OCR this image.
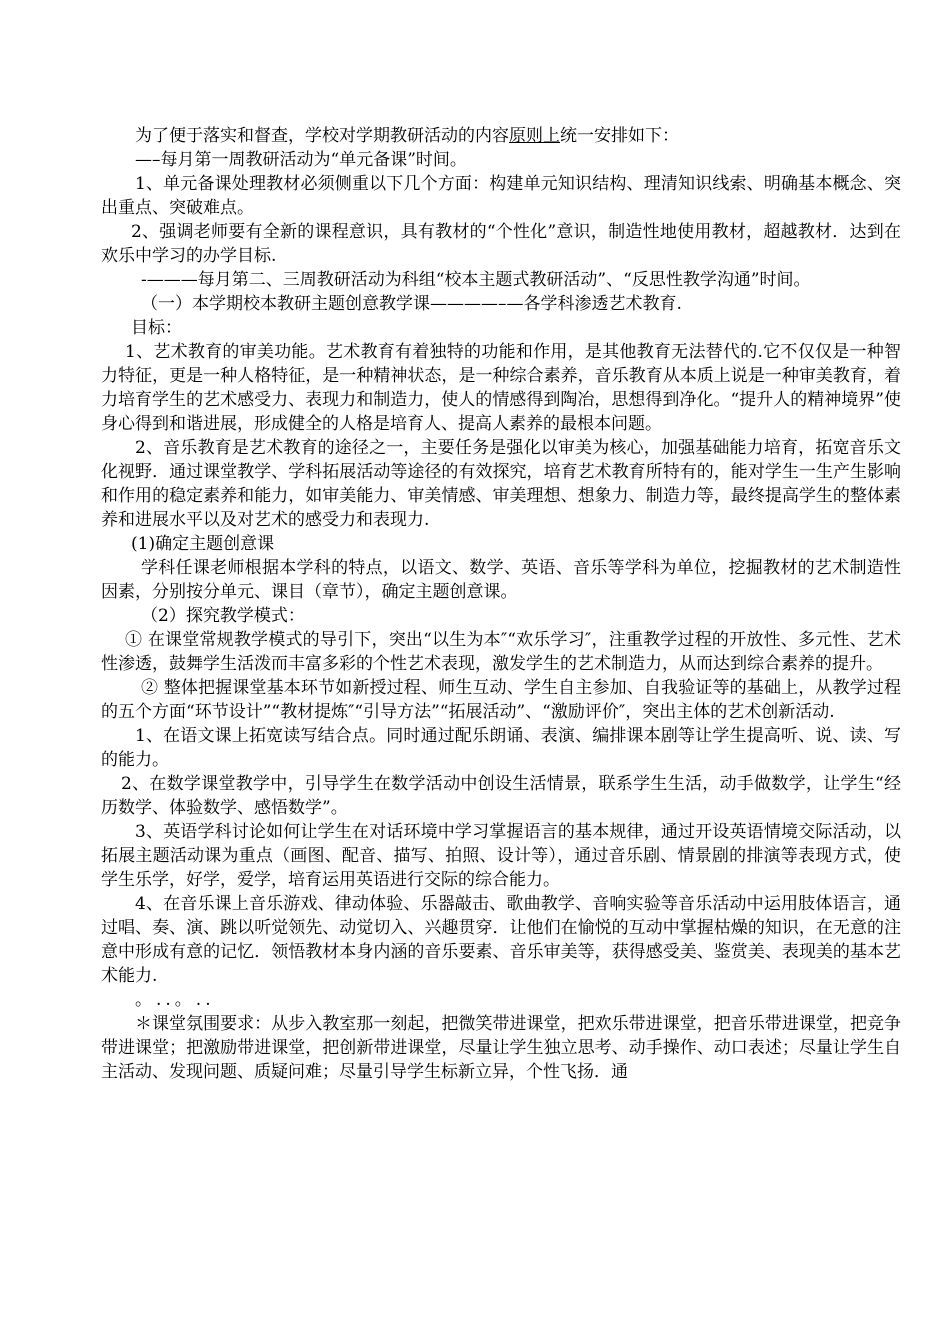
为了便于落实和督查，学校对学期教研活动的内容原则上统一安排如下：

—–每月第一周教研活动为“单元备课”时间。

1、单元备课处理教材必须侧重以下几个方面：构建单元知识结构、理清知识线索、明确基本概念、突出重点、突破难点。

2、强调老师要有全新的课程意识，具有教材的“个性化”意识，制造性地使用教材，超越教材．达到在欢乐中学习的办学目标.

-———每月第二、三周教研活动为科组“校本主题式教研活动”、“反思性教学沟通”时间。

（一）本学期校本教研主题创意教学课————–—各学科渗透艺术教育.

目标：

1、艺术教育的审美功能。艺术教育有着独特的功能和作用，是其他教育无法替代的.它不仅仅是一种智力特征，更是一种人格特征，是一种精神状态，是一种综合素养，音乐教育从本质上说是一种审美教育，着力培育学生的艺术感受力、表现力和制造力，使人的情感得到陶冶，思想得到净化。“提升人的精神境界”使身心得到和谐进展，形成健全的人格是培育人、提高人素养的最根本问题。

2、音乐教育是艺术教育的途径之一，主要任务是强化以审美为核心，加强基础能力培育，拓宽音乐文化视野．通过课堂教学、学科拓展活动等途径的有效探究，培育艺术教育所特有的，能对学生一生产生影响和作用的稳定素养和能力，如审美能力、审美情感、审美理想、想象力、制造力等，最终提高学生的整体素养和进展水平以及对艺术的感受力和表现力.

(1)确定主题创意课

学科任课老师根据本学科的特点，以语文、数学、英语、音乐等学科为单位，挖掘教材的艺术制造性因素，分别按分单元、课目（章节），确定主题创意课。

（2）探究教学模式：

① 在课堂常规教学模式的导引下，突出“以生为本″“欢乐学习″，注重教学过程的开放性、多元性、艺术性渗透，鼓舞学生活泼而丰富多彩的个性艺术表现，激发学生的艺术制造力，从而达到综合素养的提升。

② 整体把握课堂基本环节如新授过程、师生互动、学生自主参加、自我验证等的基础上，从教学过程的五个方面“环节设计”“教材提炼″“引导方法”“拓展活动”、“激励评价″，突出主体的艺术创新活动.

1、在语文课上拓宽读写结合点。同时通过配乐朗诵、表演、编排课本剧等让学生提高听、说、读、写的能力。

2、在数学课堂教学中，引导学生在数学活动中创设生活情景，联系学生生活，动手做数学，让学生“经历数学、体验数学、感悟数学”。

3、英语学科讨论如何让学生在对话环境中学习掌握语言的基本规律，通过开设英语情境交际活动，以拓展主题活动课为重点（画图、配音、描写、拍照、设计等），通过音乐剧、情景剧的排演等表现方式，使学生乐学，好学，爱学，培育运用英语进行交际的综合能力。

4、在音乐课上音乐游戏、律动体验、乐器敲击、歌曲教学、音响实验等音乐活动中运用肢体语言，通过唱、奏、演、跳以听觉领先、动觉切入、兴趣贯穿．让他们在愉悦的互动中掌握枯燥的知识，在无意的注意中形成有意的记忆．领悟教材本身内涵的音乐要素、音乐审美等，获得感受美、鉴赏美、表现美的基本艺术能力.

。..。..

＊课堂氛围要求：从步入教室那一刻起，把微笑带进课堂，把欢乐带进课堂，把音乐带进课堂，把竞争带进课堂；把激励带进课堂，把创新带进课堂，尽量让学生独立思考、动手操作、动口表述；尽量让学生自主活动、发现问题、质疑问难；尽量引导学生标新立异，个性飞扬．通
